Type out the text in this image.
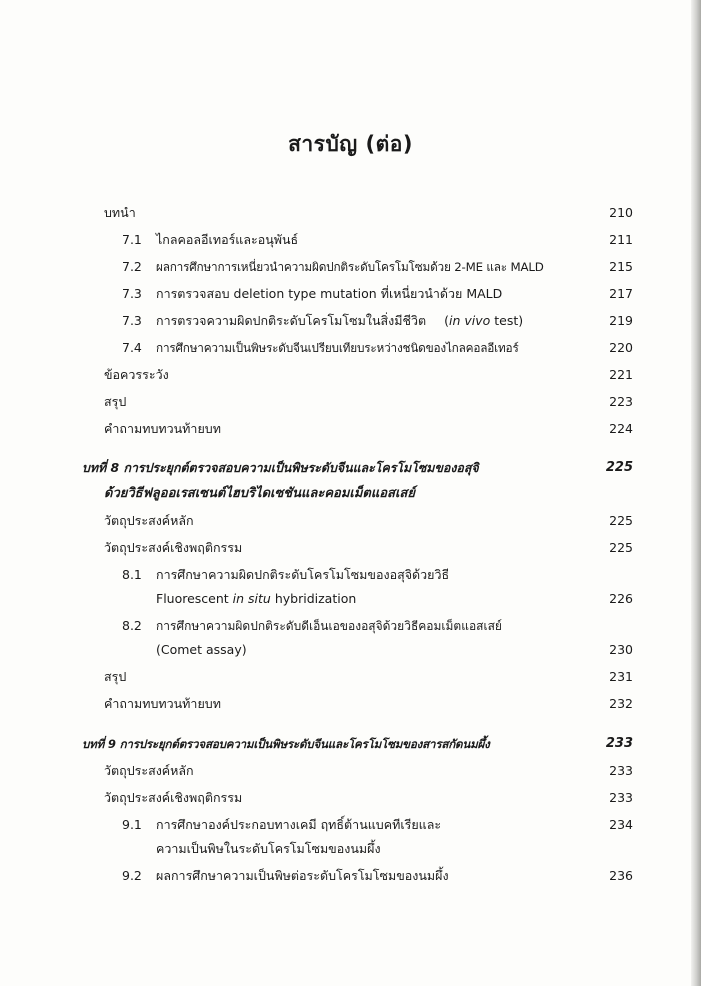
สารบัญ (ต่อ)
บทนำ	210
7.1 ไกลคอลอีเทอร์และอนุพันธ์	211
7.2 ผลการศึกษาการเหนี่ยวนำความผิดปกติระดับโครโมโซมด้วย 2-ME และ MALD	215
7.3 การตรวจสอบ deletion type mutation ที่เหนี่ยวนำด้วย MALD	217
7.3 การตรวจความผิดปกติระดับโครโมโซมในสิ่งมีชีวิต (in vivo test)	219
7.4 การศึกษาความเป็นพิษระดับจีนเปรียบเทียบระหว่างชนิดของไกลคอลอีเทอร์	220
ข้อควรระวัง	221
สรุป	223
คำถามทบทวนท้ายบท	224
บทที่ 8 การประยุกต์ตรวจสอบความเป็นพิษระดับจีนและโครโมโซมของอสุจิ	225
ด้วยวิธีฟลูออเรสเซนต์ไฮบริไดเซชันและคอมเม็ตแอสเสย์
วัตถุประสงค์หลัก	225
วัตถุประสงค์เชิงพฤติกรรม	225
8.1 การศึกษาความผิดปกติระดับโครโมโซมของอสุจิด้วยวิธี
Fluorescent in situ hybridization	226
8.2 การศึกษาความผิดปกติระดับดีเอ็นเอของอสุจิด้วยวิธีคอมเม็ตแอสเสย์
(Comet assay)	230
สรุป	231
คำถามทบทวนท้ายบท	232
บทที่ 9 การประยุกต์ตรวจสอบความเป็นพิษระดับจีนและโครโมโซมของสารสกัดนมผึ้ง	233
วัตถุประสงค์หลัก	233
วัตถุประสงค์เชิงพฤติกรรม	233
9.1 การศึกษาองค์ประกอบทางเคมี ฤทธิ์ต้านแบคทีเรียและ	234
ความเป็นพิษในระดับโครโมโซมของนมผึ้ง
9.2 ผลการศึกษาความเป็นพิษต่อระดับโครโมโซมของนมผึ้ง	236
